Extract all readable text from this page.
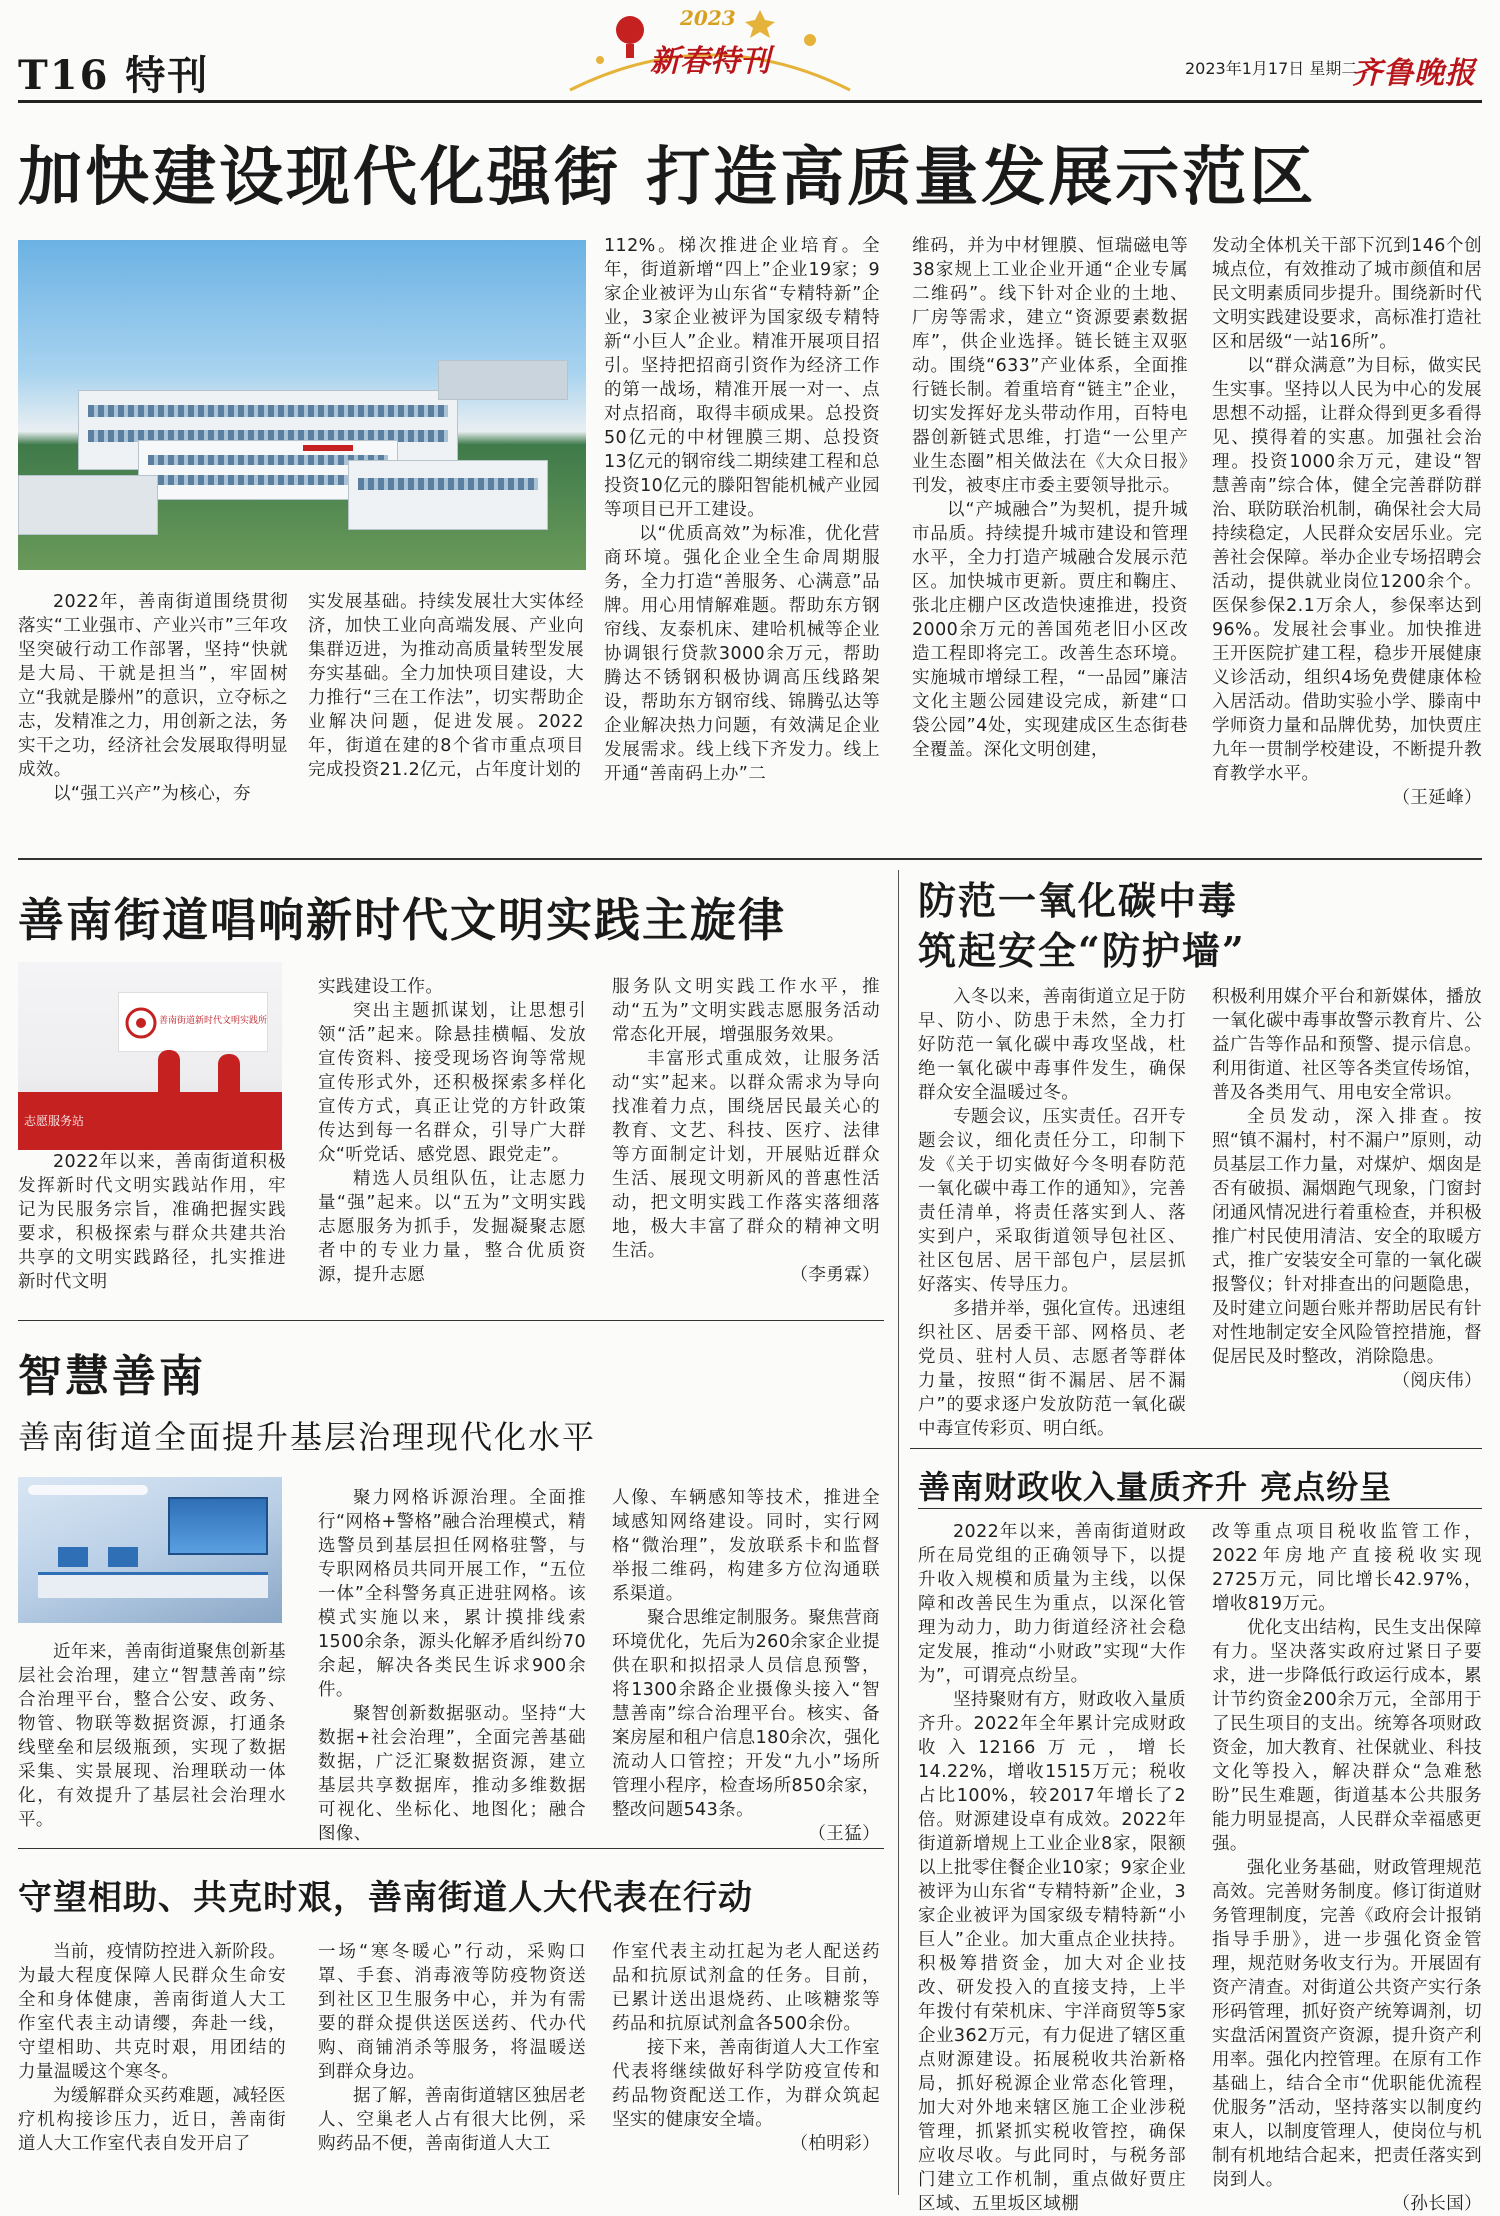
T16 特刊
2023
新春特刊	2023年1月17日 星期二
齐鲁晚报
加快建设现代化强街 打造高质量发展示范区

2022年，善南街道围绕贯彻落实“工业强市、产业兴市”三年攻坚突破行动工作部署，坚持“快就是大局、干就是担当”，牢固树立“我就是滕州”的意识，立夺标之志，发精准之力，用创新之法，务实干之功，经济社会发展取得明显成效。

以“强工兴产”为核心，夯

实发展基础。持续发展壮大实体经济，加快工业向高端发展、产业向集群迈进，为推动高质量转型发展夯实基础。全力加快项目建设，大力推行“三在工作法”，切实帮助企业解决问题，促进发展。2022年，街道在建的8个省市重点项目完成投资21.2亿元，占年度计划的

112%。梯次推进企业培育。全年，街道新增“四上”企业19家；9家企业被评为山东省“专精特新”企业，3家企业被评为国家级专精特新“小巨人”企业。精准开展项目招引。坚持把招商引资作为经济工作的第一战场，精准开展一对一、点对点招商，取得丰硕成果。总投资50亿元的中材锂膜三期、总投资13亿元的钢帘线二期续建工程和总投资10亿元的滕阳智能机械产业园等项目已开工建设。

以“优质高效”为标准，优化营商环境。强化企业全生命周期服务，全力打造“善服务、心满意”品牌。用心用情解难题。帮助东方钢帘线、友泰机床、建哈机械等企业协调银行贷款3000余万元，帮助腾达不锈钢积极协调高压线路架设，帮助东方钢帘线、锦腾弘达等企业解决热力问题，有效满足企业发展需求。线上线下齐发力。线上开通“善南码上办”二

维码，并为中材锂膜、恒瑞磁电等38家规上工业企业开通“企业专属二维码”。线下针对企业的土地、厂房等需求，建立“资源要素数据库”，供企业选择。链长链主双驱动。围绕“633”产业体系，全面推行链长制。着重培育“链主”企业，切实发挥好龙头带动作用，百特电器创新链式思维，打造“一公里产业生态圈”相关做法在《大众日报》刊发，被枣庄市委主要领导批示。

以“产城融合”为契机，提升城市品质。持续提升城市建设和管理水平，全力打造产城融合发展示范区。加快城市更新。贾庄和鞠庄、张北庄棚户区改造快速推进，投资2000余万元的善国苑老旧小区改造工程即将完工。改善生态环境。实施城市增绿工程，“一品园”廉洁文化主题公园建设完成，新建“口袋公园”4处，实现建成区生态街巷全覆盖。深化文明创建，

发动全体机关干部下沉到146个创城点位，有效推动了城市颜值和居民文明素质同步提升。围绕新时代文明实践建设要求，高标准打造社区和居级“一站16所”。

以“群众满意”为目标，做实民生实事。坚持以人民为中心的发展思想不动摇，让群众得到更多看得见、摸得着的实惠。加强社会治理。投资1000余万元，建设“智慧善南”综合体，健全完善群防群治、联防联治机制，确保社会大局持续稳定，人民群众安居乐业。完善社会保障。举办企业专场招聘会活动，提供就业岗位1200余个。医保参保2.1万余人，参保率达到96%。发展社会事业。加快推进王开医院扩建工程，稳步开展健康义诊活动，组织4场免费健康体检入居活动。借助实验小学、滕南中学师资力量和品牌优势，加快贾庄九年一贯制学校建设，不断提升教育教学水平。

（王延峰）
善南街道唱响新时代文明实践主旋律
善南街道新时代文明实践所
志愿服务站

2022年以来，善南街道积极发挥新时代文明实践站作用，牢记为民服务宗旨，准确把握实践要求，积极探索与群众共建共治共享的文明实践路径，扎实推进新时代文明

实践建设工作。

突出主题抓谋划，让思想引领“活”起来。除悬挂横幅、发放宣传资料、接受现场咨询等常规宣传形式外，还积极探索多样化宣传方式，真正让党的方针政策传达到每一名群众，引导广大群众“听党话、感党恩、跟党走”。

精选人员组队伍，让志愿力量“强”起来。以“五为”文明实践志愿服务为抓手，发掘凝聚志愿者中的专业力量，整合优质资源，提升志愿

服务队文明实践工作水平，推动“五为”文明实践志愿服务活动常态化开展，增强服务效果。

丰富形式重成效，让服务活动“实”起来。以群众需求为导向找准着力点，围绕居民最关心的教育、文艺、科技、医疗、法律等方面制定计划，开展贴近群众生活、展现文明新风的普惠性活动，把文明实践工作落实落细落地，极大丰富了群众的精神文明生活。

（李勇霖）
智慧善南
善南街道全面提升基层治理现代化水平

近年来，善南街道聚焦创新基层社会治理，建立“智慧善南”综合治理平台，整合公安、政务、物管、物联等数据资源，打通条线壁垒和层级瓶颈，实现了数据采集、实景展现、治理联动一体化，有效提升了基层社会治理水平。

聚力网格诉源治理。全面推行“网格+警格”融合治理模式，精选警员到基层担任网格驻警，与专职网格员共同开展工作，“五位一体”全科警务真正进驻网格。该模式实施以来，累计摸排线索1500余条，源头化解矛盾纠纷70余起，解决各类民生诉求900余件。

聚智创新数据驱动。坚持“大数据+社会治理”，全面完善基础数据，广泛汇聚数据资源，建立基层共享数据库，推动多维数据可视化、坐标化、地图化；融合图像、

人像、车辆感知等技术，推进全域感知网络建设。同时，实行网格“微治理”，发放联系卡和监督举报二维码，构建多方位沟通联系渠道。

聚合思维定制服务。聚焦营商环境优化，先后为260余家企业提供在职和拟招录人员信息预警，将1300余路企业摄像头接入“智慧善南”综合治理平台。核实、备案房屋和租户信息180余次，强化流动人口管控；开发“九小”场所管理小程序，检查场所850余家，整改问题543条。

（王猛）
守望相助、共克时艰，善南街道人大代表在行动

当前，疫情防控进入新阶段。为最大程度保障人民群众生命安全和身体健康，善南街道人大工作室代表主动请缨，奔赴一线，守望相助、共克时艰，用团结的力量温暖这个寒冬。

为缓解群众买药难题，减轻医疗机构接诊压力，近日，善南街道人大工作室代表自发开启了

一场“寒冬暖心”行动，采购口罩、手套、消毒液等防疫物资送到社区卫生服务中心，并为有需要的群众提供送医送药、代办代购、商铺消杀等服务，将温暖送到群众身边。

据了解，善南街道辖区独居老人、空巢老人占有很大比例，采购药品不便，善南街道人大工

作室代表主动扛起为老人配送药品和抗原试剂盒的任务。目前，已累计送出退烧药、止咳糖浆等药品和抗原试剂盒各500余份。

接下来，善南街道人大工作室代表将继续做好科学防疫宣传和药品物资配送工作，为群众筑起坚实的健康安全墙。

（柏明彩）
防范一氧化碳中毒
筑起安全“防护墙”

入冬以来，善南街道立足于防早、防小、防患于未然，全力打好防范一氧化碳中毒攻坚战，杜绝一氧化碳中毒事件发生，确保群众安全温暖过冬。

专题会议，压实责任。召开专题会议，细化责任分工，印制下发《关于切实做好今冬明春防范一氧化碳中毒工作的通知》，完善责任清单，将责任落实到人、落实到户，采取街道领导包社区、社区包居、居干部包户，层层抓好落实、传导压力。

多措并举，强化宣传。迅速组织社区、居委干部、网格员、老党员、驻村人员、志愿者等群体力量，按照“街不漏居、居不漏户”的要求逐户发放防范一氧化碳中毒宣传彩页、明白纸。

积极利用媒介平台和新媒体，播放一氧化碳中毒事故警示教育片、公益广告等作品和预警、提示信息。利用街道、社区等各类宣传场馆，普及各类用气、用电安全常识。

全员发动，深入排查。按照“镇不漏村，村不漏户”原则，动员基层工作力量，对煤炉、烟囱是否有破损、漏烟跑气现象，门窗封闭通风情况进行着重检查，并积极推广村民使用清洁、安全的取暖方式，推广安装安全可靠的一氧化碳报警仪；针对排查出的问题隐患，及时建立问题台账并帮助居民有针对性地制定安全风险管控措施，督促居民及时整改，消除隐患。

（阅庆伟）
善南财政收入量质齐升 亮点纷呈

2022年以来，善南街道财政所在局党组的正确领导下，以提升收入规模和质量为主线，以保障和改善民生为重点，以深化管理为动力，助力街道经济社会稳定发展，推动“小财政”实现“大作为”，可谓亮点纷呈。

坚持聚财有方，财政收入量质齐升。2022年全年累计完成财政收入12166万元，增长14.22%，增收1515万元；税收占比100%，较2017年增长了2倍。财源建设卓有成效。2022年街道新增规上工业企业8家，限额以上批零住餐企业10家；9家企业被评为山东省“专精特新”企业，3家企业被评为国家级专精特新“小巨人”企业。加大重点企业扶持。积极筹措资金，加大对企业技改、研发投入的直接支持，上半年拨付有荣机床、宇洋商贸等5家企业362万元，有力促进了辖区重点财源建设。拓展税收共治新格局，抓好税源企业常态化管理，加大对外地来辖区施工企业涉税管理，抓紧抓实税收管控，确保应收尽收。与此同时，与税务部门建立工作机制，重点做好贾庄区域、五里坂区域棚

改等重点项目税收监管工作，2022年房地产直接税收实现2725万元，同比增长42.97%，增收819万元。

优化支出结构，民生支出保障有力。坚决落实政府过紧日子要求，进一步降低行政运行成本，累计节约资金200余万元，全部用于了民生项目的支出。统筹各项财政资金，加大教育、社保就业、科技文化等投入，解决群众“急难愁盼”民生难题，街道基本公共服务能力明显提高，人民群众幸福感更强。

强化业务基础，财政管理规范高效。完善财务制度。修订街道财务管理制度，完善《政府会计报销指导手册》，进一步强化资金管理，规范财务收支行为。开展固有资产清查。对街道公共资产实行条形码管理，抓好资产统筹调剂，切实盘活闲置资产资源，提升资产利用率。强化内控管理。在原有工作基础上，结合全市“优职能优流程优服务”活动，坚持落实以制度约束人，以制度管理人，使岗位与机制有机地结合起来，把责任落实到岗到人。

（孙长国）
